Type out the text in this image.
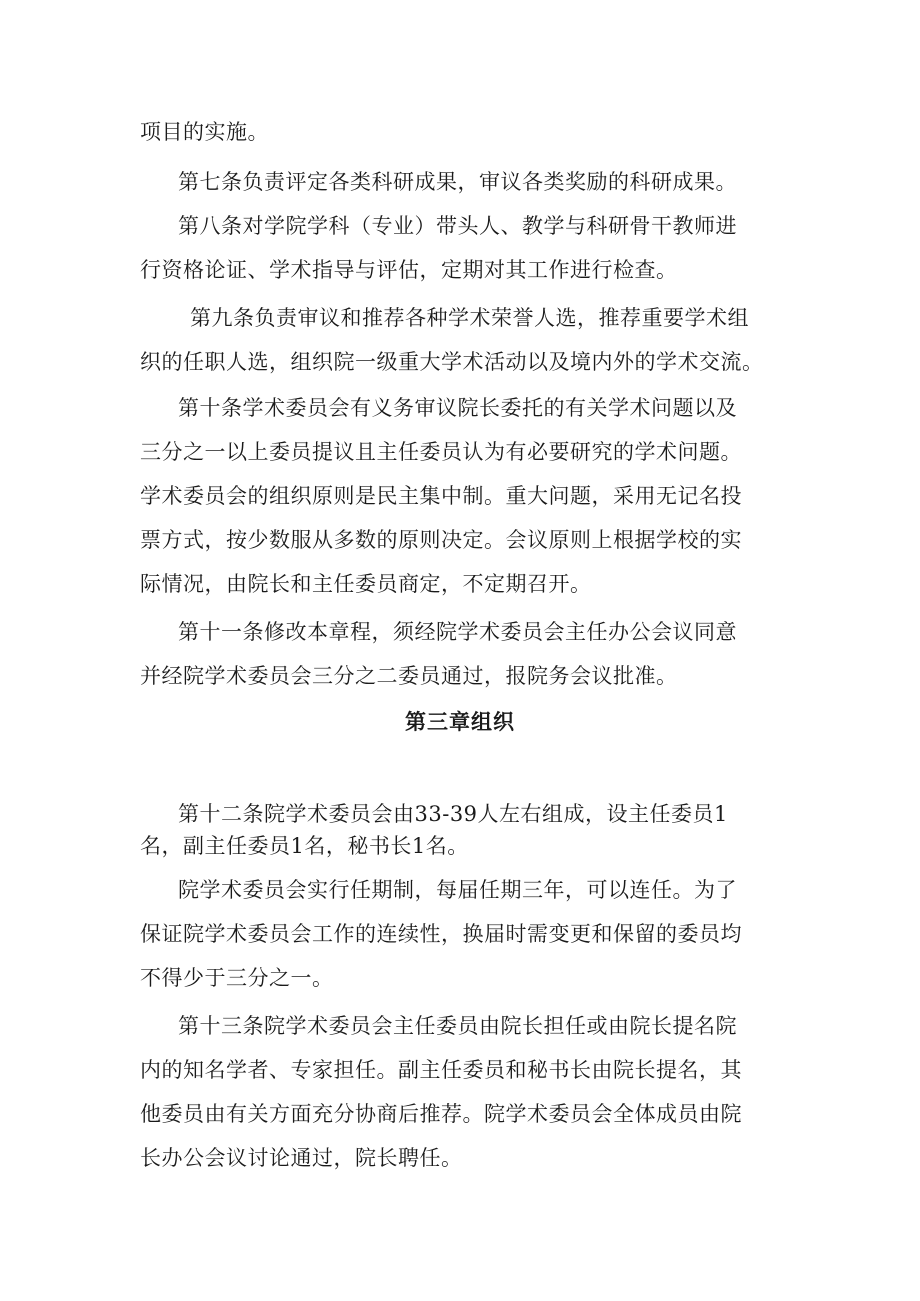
项目的实施。
第七条负责评定各类科研成果，审议各类奖励的科研成果。
第八条对学院学科（专业）带头人、教学与科研骨干教师进
行资格论证、学术指导与评估，定期对其工作进行检查。
第九条负责审议和推荐各种学术荣誉人选，推荐重要学术组
织的任职人选，组织院一级重大学术活动以及境内外的学术交流。
第十条学术委员会有义务审议院长委托的有关学术问题以及
三分之一以上委员提议且主任委员认为有必要研究的学术问题。
学术委员会的组织原则是民主集中制。重大问题，采用无记名投
票方式，按少数服从多数的原则决定。会议原则上根据学校的实
际情况，由院长和主任委员商定，不定期召开。
第十一条修改本章程，须经院学术委员会主任办公会议同意
并经院学术委员会三分之二委员通过，报院务会议批准。
第三章组织
第十二条院学术委员会由33-39人左右组成，设主任委员1
名，副主任委员1名，秘书长1名。
院学术委员会实行任期制，每届任期三年，可以连任。为了
保证院学术委员会工作的连续性，换届时需变更和保留的委员均
不得少于三分之一。
第十三条院学术委员会主任委员由院长担任或由院长提名院
内的知名学者、专家担任。副主任委员和秘书长由院长提名，其
他委员由有关方面充分协商后推荐。院学术委员会全体成员由院
长办公会议讨论通过，院长聘任。
